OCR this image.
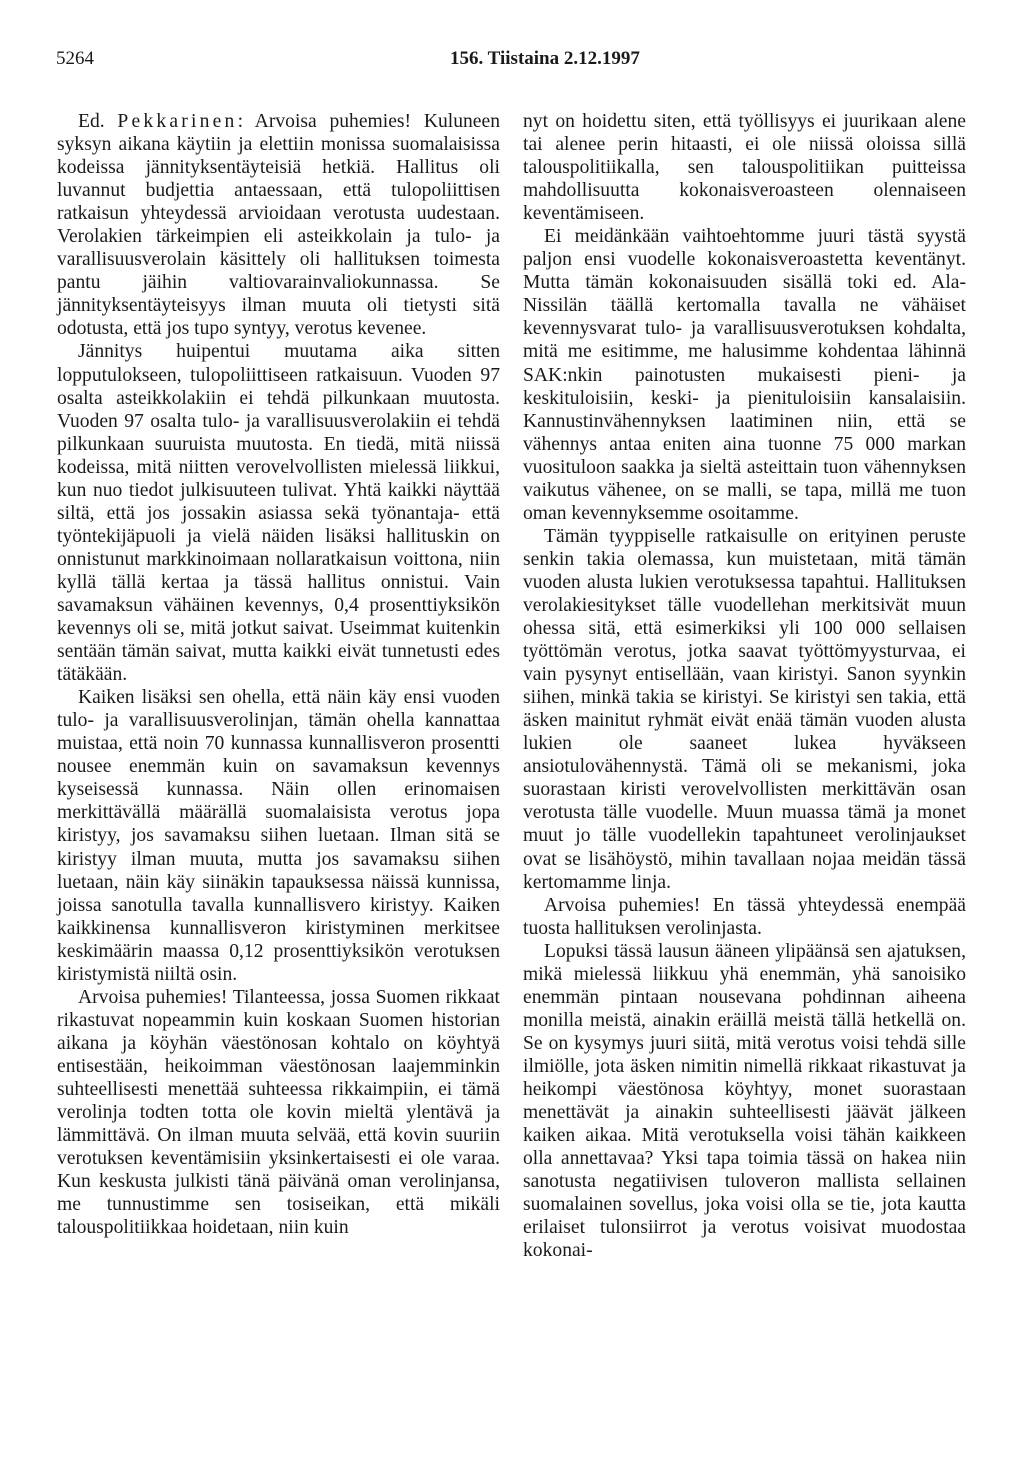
5264	156. Tiistaina 2.12.1997

Ed. Pekkarinen: Arvoisa puhemies! Kuluneen syksyn aikana käytiin ja elettiin monissa suomalaisissa kodeissa jännityksentäyteisiä hetkiä. Hallitus oli luvannut budjettia antaessaan, että tulopoliittisen ratkaisun yhteydessä arvioidaan verotusta uudestaan. Verolakien tärkeimpien eli asteikkolain ja tulo- ja varallisuusverolain käsittely oli hallituksen toimesta pantu jäihin valtiovarainvaliokunnassa. Se jännityksentäyteisyys ilman muuta oli tietysti sitä odotusta, että jos tupo syntyy, verotus kevenee.

Jännitys huipentui muutama aika sitten lopputulokseen, tulopoliittiseen ratkaisuun. Vuoden 97 osalta asteikkolakiin ei tehdä pilkunkaan muutosta. Vuoden 97 osalta tulo- ja varallisuusverolakiin ei tehdä pilkunkaan suuruista muutosta. En tiedä, mitä niissä kodeissa, mitä niitten verovelvollisten mielessä liikkui, kun nuo tiedot julkisuuteen tulivat. Yhtä kaikki näyttää siltä, että jos jossakin asiassa sekä työnantaja- että työntekijäpuoli ja vielä näiden lisäksi hallituskin on onnistunut markkinoimaan nollaratkaisun voittona, niin kyllä tällä kertaa ja tässä hallitus onnistui. Vain savamaksun vähäinen kevennys, 0,4 prosenttiyksikön kevennys oli se, mitä jotkut saivat. Useimmat kuitenkin sentään tämän saivat, mutta kaikki eivät tunnetusti edes tätäkään.

Kaiken lisäksi sen ohella, että näin käy ensi vuoden tulo- ja varallisuusverolinjan, tämän ohella kannattaa muistaa, että noin 70 kunnassa kunnallisveron prosentti nousee enemmän kuin on savamaksun kevennys kyseisessä kunnassa. Näin ollen erinomaisen merkittävällä määrällä suomalaisista verotus jopa kiristyy, jos savamaksu siihen luetaan. Ilman sitä se kiristyy ilman muuta, mutta jos savamaksu siihen luetaan, näin käy siinäkin tapauksessa näissä kunnissa, joissa sanotulla tavalla kunnallisvero kiristyy. Kaiken kaikkinensa kunnallisveron kiristyminen merkitsee keskimäärin maassa 0,12 prosenttiyksikön verotuksen kiristymistä niiltä osin.

Arvoisa puhemies! Tilanteessa, jossa Suomen rikkaat rikastuvat nopeammin kuin koskaan Suomen historian aikana ja köyhän väestönosan kohtalo on köyhtyä entisestään, heikoimman väestönosan laajemminkin suhteellisesti menettää suhteessa rikkaimpiin, ei tämä verolinja todten totta ole kovin mieltä ylentävä ja lämmittävä. On ilman muuta selvää, että kovin suuriin verotuksen keventämisiin yksinkertaisesti ei ole varaa. Kun keskusta julkisti tänä päivänä oman verolinjansa, me tunnustimme sen tosiseikan, että mikäli talouspolitiikkaa hoidetaan, niin kuin

nyt on hoidettu siten, että työllisyys ei juurikaan alene tai alenee perin hitaasti, ei ole niissä oloissa sillä talouspolitiikalla, sen talouspolitiikan puitteissa mahdollisuutta kokonaisveroasteen olennaiseen keventämiseen.

Ei meidänkään vaihtoehtomme juuri tästä syystä paljon ensi vuodelle kokonaisveroastetta keventänyt. Mutta tämän kokonaisuuden sisällä toki ed. Ala-Nissilän täällä kertomalla tavalla ne vähäiset kevennysvarat tulo- ja varallisuusverotuksen kohdalta, mitä me esitimme, me halusimme kohdentaa lähinnä SAK:nkin painotusten mukaisesti pieni- ja keskituloisiin, keski- ja pienituloisiin kansalaisiin. Kannustinvähennyksen laatiminen niin, että se vähennys antaa eniten aina tuonne 75 000 markan vuosituloon saakka ja sieltä asteittain tuon vähennyksen vaikutus vähenee, on se malli, se tapa, millä me tuon oman kevennyksemme osoitamme.

Tämän tyyppiselle ratkaisulle on erityinen peruste senkin takia olemassa, kun muistetaan, mitä tämän vuoden alusta lukien verotuksessa tapahtui. Hallituksen verolakiesitykset tälle vuodellehan merkitsivät muun ohessa sitä, että esimerkiksi yli 100 000 sellaisen työttömän verotus, jotka saavat työttömyysturvaa, ei vain pysynyt entisellään, vaan kiristyi. Sanon syynkin siihen, minkä takia se kiristyi. Se kiristyi sen takia, että äsken mainitut ryhmät eivät enää tämän vuoden alusta lukien ole saaneet lukea hyväkseen ansiotulovähennystä. Tämä oli se mekanismi, joka suorastaan kiristi verovelvollisten merkittävän osan verotusta tälle vuodelle. Muun muassa tämä ja monet muut jo tälle vuodellekin tapahtuneet verolinjaukset ovat se lisähöystö, mihin tavallaan nojaa meidän tässä kertomamme linja.

Arvoisa puhemies! En tässä yhteydessä enempää tuosta hallituksen verolinjasta.

Lopuksi tässä lausun ääneen ylipäänsä sen ajatuksen, mikä mielessä liikkuu yhä enemmän, yhä sanoisiko enemmän pintaan nousevana pohdinnan aiheena monilla meistä, ainakin eräillä meistä tällä hetkellä on. Se on kysymys juuri siitä, mitä verotus voisi tehdä sille ilmiölle, jota äsken nimitin nimellä rikkaat rikastuvat ja heikompi väestönosa köyhtyy, monet suorastaan menettävät ja ainakin suhteellisesti jäävät jälkeen kaiken aikaa. Mitä verotuksella voisi tähän kaikkeen olla annettavaa? Yksi tapa toimia tässä on hakea niin sanotusta negatiivisen tuloveron mallista sellainen suomalainen sovellus, joka voisi olla se tie, jota kautta erilaiset tulonsiirrot ja verotus voisivat muodostaa kokonai-
